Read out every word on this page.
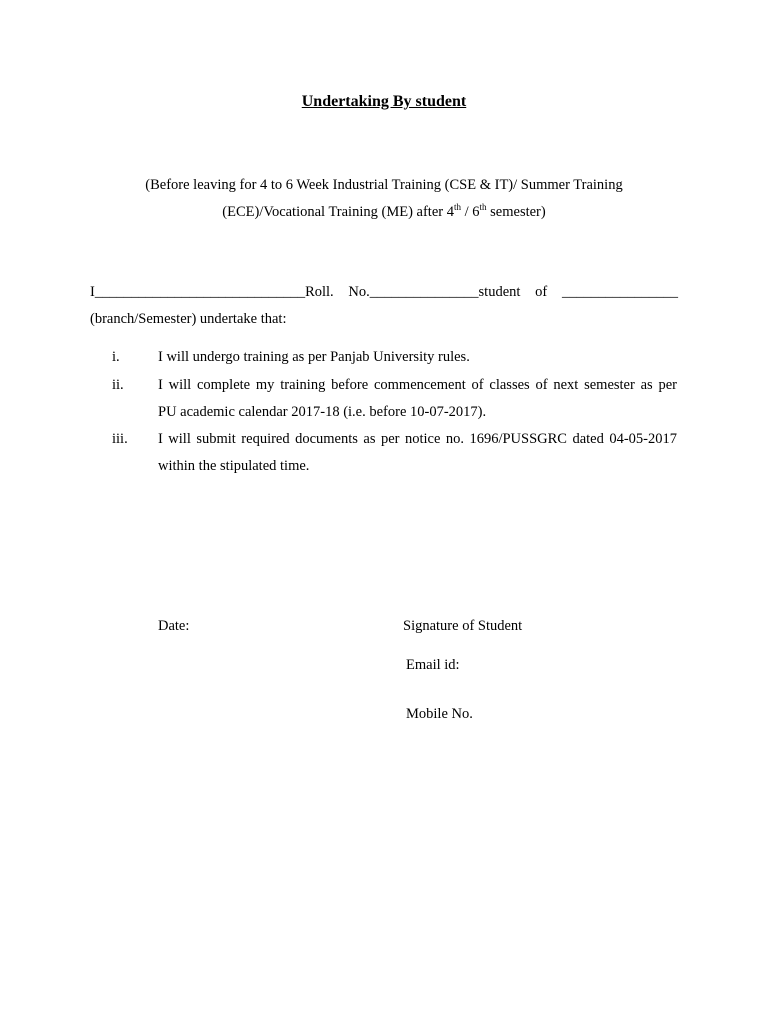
Undertaking By student
(Before leaving for 4 to 6 Week Industrial Training (CSE & IT)/ Summer Training
(ECE)/Vocational Training (ME) after 4th / 6th semester)
I_____________________________Roll. No._______________student of ________________
(branch/Semester) undertake that:
i.	I will undergo training as per Panjab University rules.
ii. I will complete my training before commencement of classes of next semester as per
PU academic calendar 2017-18 (i.e. before 10-07-2017).
iii. I will submit required documents as per notice no. 1696/PUSSGRC dated 04-05-2017
within the stipulated time.
Date:	Signature of Student
Email id:
Mobile No.
